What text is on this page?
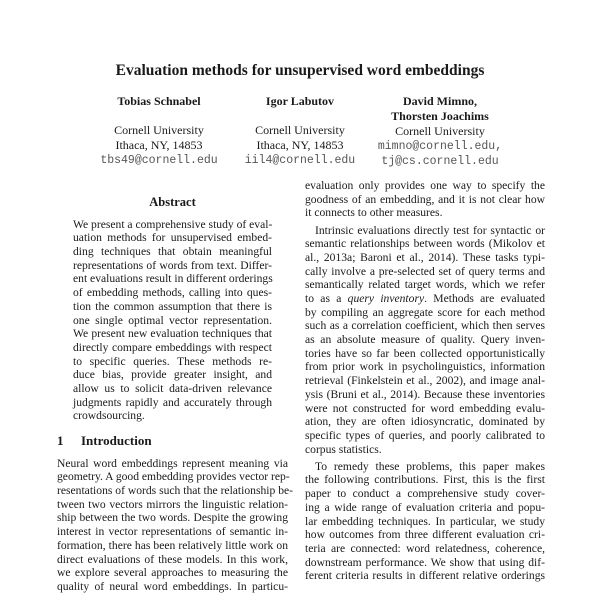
Evaluation methods for unsupervised word embeddings
Tobias Schnabel
Cornell University
Ithaca, NY, 14853
tbs49@cornell.edu
Igor Labutov
Cornell University
Ithaca, NY, 14853
iil4@cornell.edu
David Mimno,
Thorsten Joachims
Cornell University
mimno@cornell.edu,
tj@cs.cornell.edu
Abstract
We present a comprehensive study of eval-
uation methods for unsupervised embed-
ding techniques that obtain meaningful
representations of words from text. Differ-
ent evaluations result in different orderings
of embedding methods, calling into ques-
tion the common assumption that there is
one single optimal vector representation.
We present new evaluation techniques that
directly compare embeddings with respect
to specific queries. These methods re-
duce bias, provide greater insight, and
allow us to solicit data-driven relevance
judgments rapidly and accurately through
crowdsourcing.
1 Introduction
Neural word embeddings represent meaning via
geometry. A good embedding provides vector rep-
resentations of words such that the relationship be-
tween two vectors mirrors the linguistic relation-
ship between the two words. Despite the growing
interest in vector representations of semantic in-
formation, there has been relatively little work on
direct evaluations of these models. In this work,
we explore several approaches to measuring the
quality of neural word embeddings. In particu-
evaluation only provides one way to specify the
goodness of an embedding, and it is not clear how
it connects to other measures.
Intrinsic evaluations directly test for syntactic or
semantic relationships between words (Mikolov et
al., 2013a; Baroni et al., 2014). These tasks typi-
cally involve a pre-selected set of query terms and
semantically related target words, which we refer
to as a query inventory. Methods are evaluated
by compiling an aggregate score for each method
such as a correlation coefficient, which then serves
as an absolute measure of quality. Query inven-
tories have so far been collected opportunistically
from prior work in psycholinguistics, information
retrieval (Finkelstein et al., 2002), and image anal-
ysis (Bruni et al., 2014). Because these inventories
were not constructed for word embedding evalu-
ation, they are often idiosyncratic, dominated by
specific types of queries, and poorly calibrated to
corpus statistics.
To remedy these problems, this paper makes
the following contributions. First, this is the first
paper to conduct a comprehensive study cover-
ing a wide range of evaluation criteria and popu-
lar embedding techniques. In particular, we study
how outcomes from three different evaluation cri-
teria are connected: word relatedness, coherence,
downstream performance. We show that using dif-
ferent criteria results in different relative orderings
